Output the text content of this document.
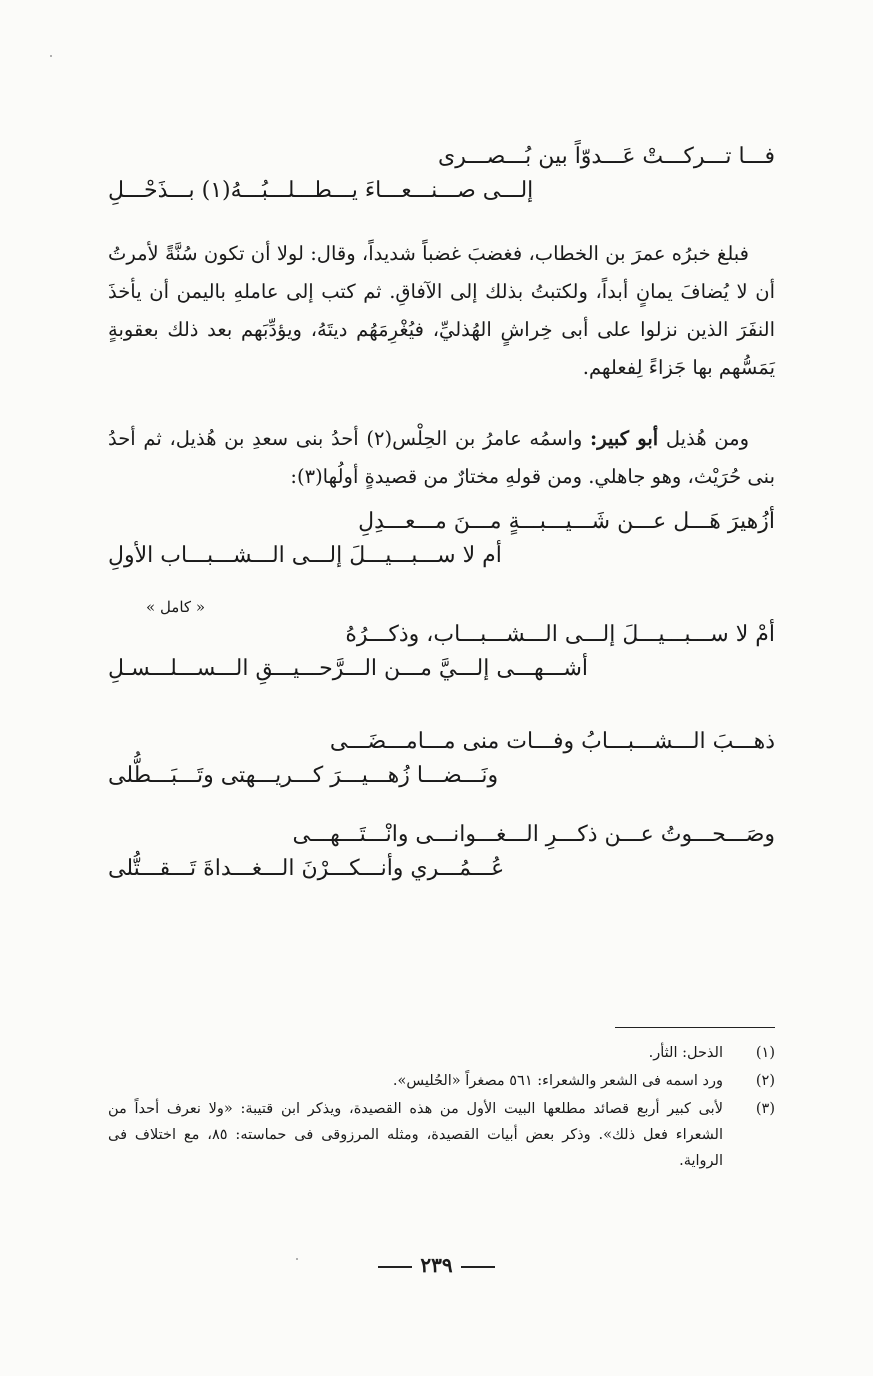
فـــا تـــركـــتْ عَـــدوّاً بين بُـــصـــرى
إلـــى صـــنـــعـــاءَ يـــطـــلـــبُـــهُ(١) بـــذَحْـــلِ
فبلغ خبرُه عمرَ بن الخطاب، فغضبَ غضباً شديداً، وقال: لولا أن تكون سُنَّةً لأمرتُ أن لا يُضافَ يمانٍ أبداً، ولكتبتُ بذلك إلى الآفاقِ. ثم كتب إلى عاملهِ باليمن أن يأخذَ النفَرَ الذين نزلوا على أبى خِراشٍ الهُذليِّ، فيُغْرِمَهُم ديتَهُ، ويؤدِّبَهم بعد ذلك بعقوبةٍ يَمَسُّهم بها جَزاءً لِفعلهم.
ومن هُذيل أبو كبير: واسمُه عامرُ بن الحِلْس(٢) أحدُ بنى سعدِ بن هُذيل، ثم أحدُ بنى حُرَيْث، وهو جاهلي. ومن قولهِ مختارٌ من قصيدةٍ أولُها(٣):
أزُهيرَ هَـــل عـــن شَـــيـــبـــةٍ مـــنَ مـــعـــدِلِ
أم لا ســـبـــيـــلَ إلـــى الـــشـــبـــاب الأولِ
« كامل »
أمْ لا ســـبـــيـــلَ إلـــى الـــشـــبـــاب، وذكـــرُهُ
أشـــهـــى إلـــيَّ مـــن الـــرَّحـــيـــقِ الـــســـلـــسـلِ
ذهـــبَ الـــشـــبـــابُ وفـــات منى مـــامـــضَـــى
ونَـــضـــا زُهـــيـــرَ كـــريـــهتى وتَـــبَـــطُّلى
وصَـــحـــوتُ عـــن ذكـــرِ الـــغـــوانـــى وانْـــتَـــهـــى
عُـــمُـــري وأنـــكـــرْنَ الـــغـــداةَ تَـــقـــتُّلى
(١)
الذحل: الثأر.
(٢)
ورد اسمه فى الشعر والشعراء: ٥٦١ مصغراً «الحُليس».
(٣)
لأبى كبير أربع قصائد مطلعها البيت الأول من هذه القصيدة، ويذكر ابن قتيبة: «ولا نعرف أحداً من الشعراء فعل ذلك». وذكر بعض أبيات القصيدة، ومثله المرزوقى فى حماسته: ٨٥، مع اختلاف فى الرواية.
٢٣٩
